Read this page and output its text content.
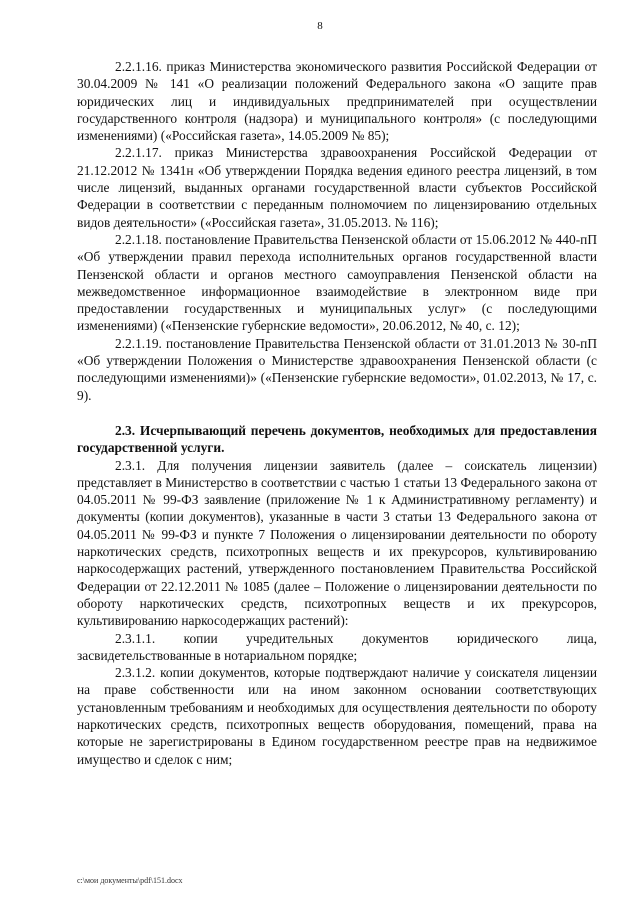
8

2.2.1.16. приказ Министерства экономического развития Российской Федерации от 30.04.2009 № 141 «О реализации положений Федерального закона «О защите прав юридических лиц и индивидуальных предпринимателей при осуществлении государственного контроля (надзора) и муниципального контроля» (с последующими изменениями) («Российская газета», 14.05.2009 № 85);

2.2.1.17. приказ Министерства здравоохранения Российской Федерации от 21.12.2012 № 1341н «Об утверждении Порядка ведения единого реестра лицензий, в том числе лицензий, выданных органами государственной власти субъектов Российской Федерации в соответствии с переданным полномочием по лицензированию отдельных видов деятельности» («Российская газета», 31.05.2013. № 116);

2.2.1.18. постановление Правительства Пензенской области от 15.06.2012 № 440-пП «Об утверждении правил перехода исполнительных органов государственной власти Пензенской области и органов местного самоуправления Пензенской области на межведомственное информационное взаимодействие в электронном виде при предоставлении государственных и муниципальных услуг» (с последующими изменениями) («Пензенские губернские ведомости», 20.06.2012, № 40, с. 12);

2.2.1.19. постановление Правительства Пензенской области от 31.01.2013 № 30-пП «Об утверждении Положения о Министерстве здравоохранения Пензенской области (с последующими изменениями)» («Пензенские губернские ведомости», 01.02.2013, № 17, с. 9).

2.3. Исчерпывающий перечень документов, необходимых для предоставления государственной услуги.

2.3.1. Для получения лицензии заявитель (далее – соискатель лицензии) представляет в Министерство в соответствии с частью 1 статьи 13 Федерального закона от 04.05.2011 № 99-ФЗ заявление (приложение № 1 к Административному регламенту) и документы (копии документов), указанные в части 3 статьи 13 Федерального закона от 04.05.2011 № 99-ФЗ и пункте 7 Положения о лицензировании деятельности по обороту наркотических средств, психотропных веществ и их прекурсоров, культивированию наркосодержащих растений, утвержденного постановлением Правительства Российской Федерации от 22.12.2011 № 1085 (далее – Положение о лицензировании деятельности по обороту наркотических средств, психотропных веществ и их прекурсоров, культивированию наркосодержащих растений):

2.3.1.1. копии учредительных документов юридического лица, засвидетельствованные в нотариальном порядке;

2.3.1.2. копии документов, которые подтверждают наличие у соискателя лицензии на праве собственности или на ином законном основании соответствующих установленным требованиям и необходимых для осуществления деятельности по обороту наркотических средств, психотропных веществ оборудования, помещений, права на которые не зарегистрированы в Едином государственном реестре прав на недвижимое имущество и сделок с ним;

c:\мои документы\pdf\151.docx
